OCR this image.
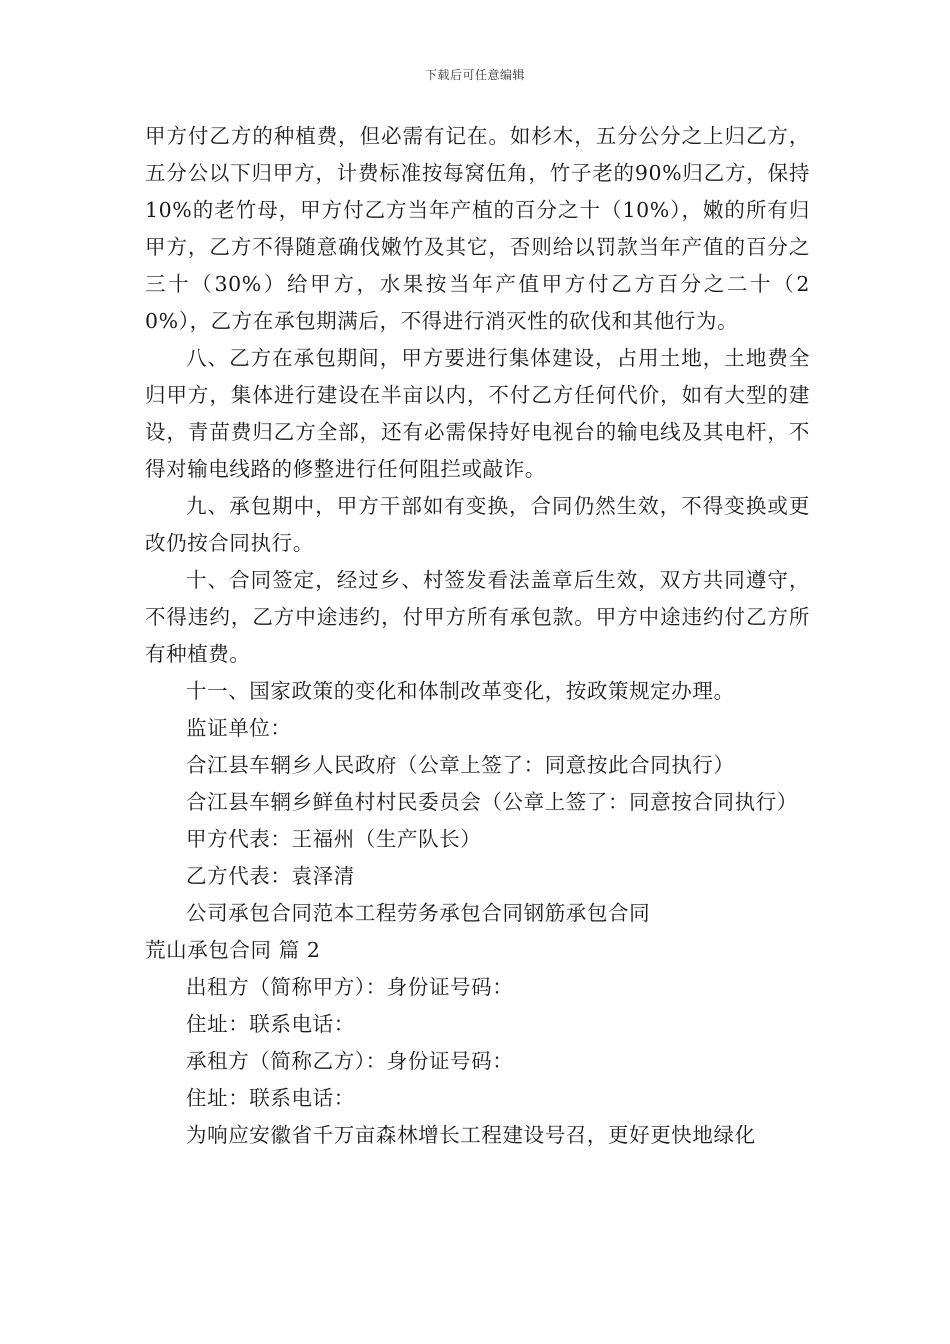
下载后可任意编辑

甲方付乙方的种植费，但必需有记在。如杉木，五分公分之上归乙方，五分公以下归甲方，计费标准按每窝伍角，竹子老的90%归乙方，保持10%的老竹母，甲方付乙方当年产植的百分之十（10%），嫩的所有归甲方，乙方不得随意确伐嫩竹及其它，否则给以罚款当年产值的百分之三十（30%）给甲方，水果按当年产值甲方付乙方百分之二十（20%），乙方在承包期满后，不得进行消灭性的砍伐和其他行为。

八、乙方在承包期间，甲方要进行集体建设，占用土地，土地费全归甲方，集体进行建设在半亩以内，不付乙方任何代价，如有大型的建设，青苗费归乙方全部，还有必需保持好电视台的输电线及其电杆，不得对输电线路的修整进行任何阻拦或敲诈。

九、承包期中，甲方干部如有变换，合同仍然生效，不得变换或更改仍按合同执行。

十、合同签定，经过乡、村签发看法盖章后生效，双方共同遵守，不得违约，乙方中途违约，付甲方所有承包款。甲方中途违约付乙方所有种植费。

十一、国家政策的变化和体制改革变化，按政策规定办理。

监证单位：

合江县车辋乡人民政府（公章上签了：同意按此合同执行）

合江县车辋乡鲜鱼村村民委员会（公章上签了：同意按合同执行）

甲方代表：王福州（生产队长）

乙方代表：袁泽清

公司承包合同范本工程劳务承包合同钢筋承包合同

荒山承包合同 篇 2

出租方（简称甲方）：身份证号码：

住址：联系电话：

承租方（简称乙方）：身份证号码：

住址：联系电话：

为响应安徽省千万亩森林增长工程建设号召，更好更快地绿化
